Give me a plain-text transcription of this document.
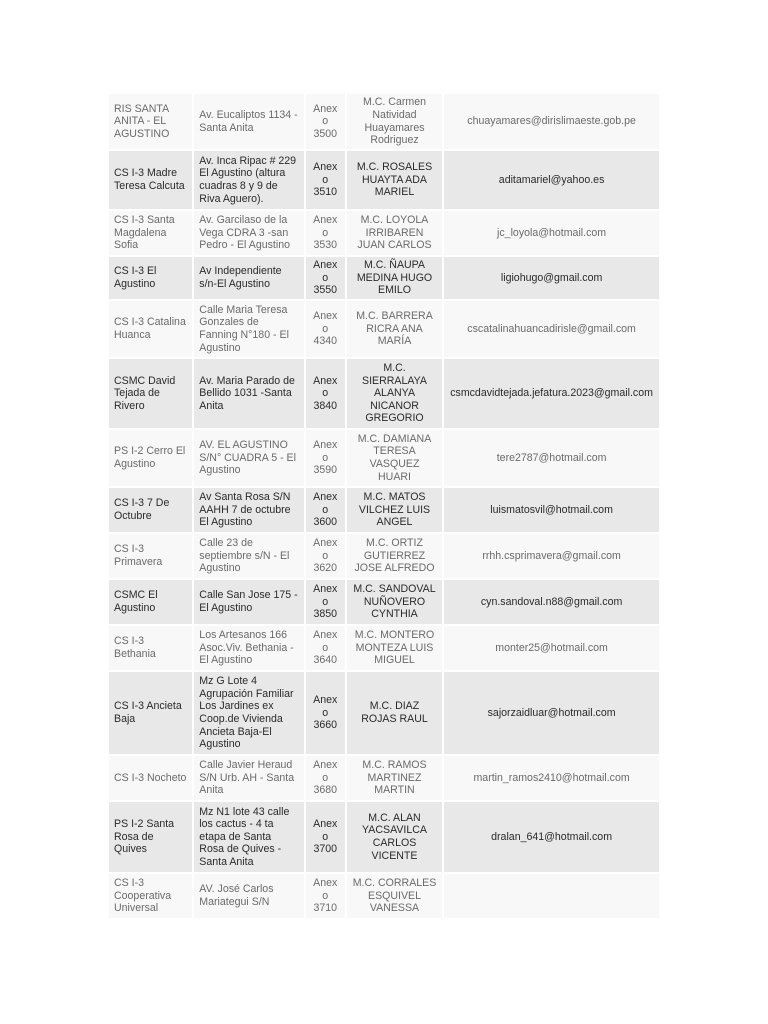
RIS SANTA ANITA - EL AGUSTINO	Av. Eucaliptos 1134 - Santa Anita	Anexo 3500	M.C. Carmen Natividad Huayamares Rodriguez	chuayamares@dirislimaeste.gob.pe
CS I-3 Madre Teresa Calcuta	Av. Inca Ripac # 229 El Agustino (altura cuadras 8 y 9 de Riva Aguero).	Anexo 3510	M.C. ROSALES HUAYTA ADA MARIEL	aditamariel@yahoo.es
CS I-3 Santa Magdalena Sofia	Av. Garcilaso de la Vega CDRA 3 -san Pedro - El Agustino	Anexo 3530	M.C. LOYOLA IRRIBAREN JUAN CARLOS	jc_loyola@hotmail.com
CS I-3 El Agustino	Av Independiente s/n-El Agustino	Anexo 3550	M.C. ÑAUPA MEDINA HUGO EMILO	ligiohugo@gmail.com
CS I-3 Catalina Huanca	Calle Maria Teresa Gonzales de Fanning N°180 - El Agustino	Anexo 4340	M.C. BARRERA RICRA ANA MARÍA	cscatalinahuancadirisle@gmail.com
CSMC David Tejada de Rivero	Av. Maria Parado de Bellido 1031 -Santa Anita	Anexo 3840	M.C. SIERRALAYA ALANYA NICANOR GREGORIO	csmcdavidtejada.jefatura.2023@gmail.com
PS I-2 Cerro El Agustino	AV. EL AGUSTINO S/N° CUADRA 5 - El Agustino	Anexo 3590	M.C. DAMIANA TERESA VASQUEZ HUARI	tere2787@hotmail.com
CS I-3 7 De Octubre	Av Santa Rosa S/N AAHH 7 de octubre El Agustino	Anexo 3600	M.C. MATOS VILCHEZ LUIS ANGEL	luismatosvil@hotmail.com
CS I-3 Primavera	Calle 23 de septiembre s/N - El Agustino	Anexo 3620	M.C. ORTIZ GUTIERREZ JOSE ALFREDO	rrhh.csprimavera@gmail.com
CSMC El Agustino	Calle San Jose 175 - El Agustino	Anexo 3850	M.C. SANDOVAL NUÑOVERO CYNTHIA	cyn.sandoval.n88@gmail.com
CS I-3 Bethania	Los Artesanos 166 Asoc.Viv. Bethania - El Agustino	Anexo 3640	M.C. MONTERO MONTEZA LUIS MIGUEL	monter25@hotmail.com
CS I-3 Ancieta Baja	Mz G Lote 4 Agrupación Familiar Los Jardines ex Coop.de Vivienda Ancieta Baja-El Agustino	Anexo 3660	M.C. DIAZ ROJAS RAUL	sajorzaidluar@hotmail.com
CS I-3 Nocheto	Calle Javier Heraud S/N Urb. AH - Santa Anita	Anexo 3680	M.C. RAMOS MARTINEZ MARTIN	martin_ramos2410@hotmail.com
PS I-2 Santa Rosa de Quives	Mz N1 lote 43 calle los cactus - 4 ta etapa de Santa Rosa de Quives - Santa Anita	Anexo 3700	M.C. ALAN YACSAVILCA CARLOS VICENTE	dralan_641@hotmail.com
CS I-3 Cooperativa Universal	AV. José Carlos Mariategui S/N	Anexo 3710	M.C. CORRALES ESQUIVEL VANESSA	
